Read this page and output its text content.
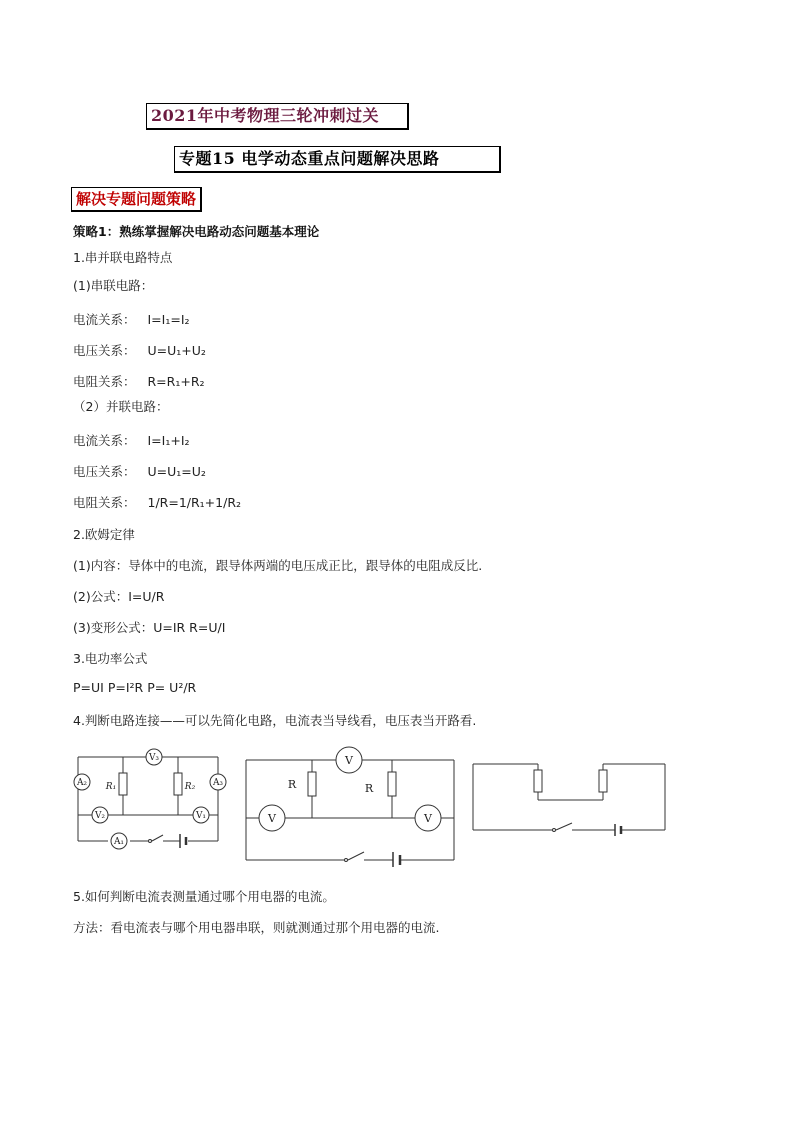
2021年中考物理三轮冲刺过关
专题15 电学动态重点问题解决思路
解决专题问题策略
策略1：熟练掌握解决电路动态问题基本理论
1.串并联电路特点
(1)串联电路：
电流关系： I=I₁=I₂
电压关系： U=U₁+U₂
电阻关系： R=R₁+R₂
（2）并联电路：
电流关系： I=I₁+I₂
电压关系： U=U₁=U₂
电阻关系： 1/R=1/R₁+1/R₂
2.欧姆定律
(1)内容：导体中的电流，跟导体两端的电压成正比，跟导体的电阻成反比.
(2)公式：I=U/R
(3)变形公式：U=IR R=U/I
3.电功率公式
P=UI P=I²R P= U²/R
4.判断电路连接——可以先简化电路，电流表当导线看，电压表当开路看.
V₃
A₂	A₃
V₂	V₁
A₁
R₁	R₂
V
V	V
R	R
5.如何判断电流表测量通过哪个用电器的电流。
方法：看电流表与哪个用电器串联，则就测通过那个用电器的电流.
